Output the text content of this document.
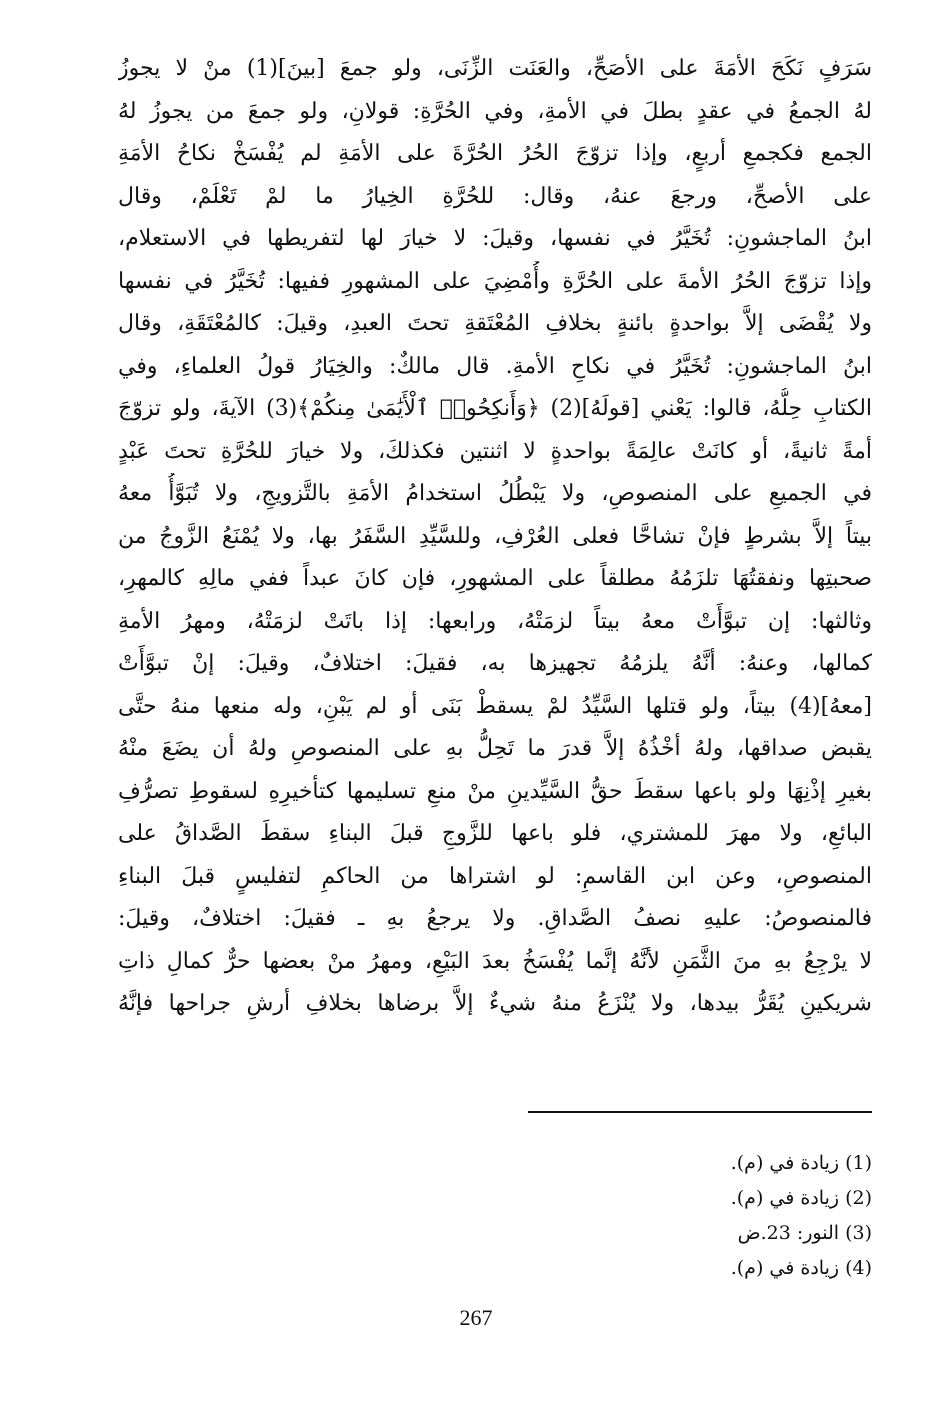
سَرَفٍ نَكَحَ الأمَةَ على الأصَحِّ، والعَنَت الزِّنَى، ولو جمعَ [بينَ](1) منْ لا يجوزُ
لهُ الجمعُ في عقدٍ بطلَ في الأمةِ، وفي الحُرَّةِ: قولانِ، ولو جمعَ من يجوزُ لهُ
الجمع فكجمعِ أربعٍ، وإذا تزوّجَ الحُرُ الحُرَّةَ على الأمَةِ لم يُفْسَخْ نكاحُ الأمَةِ
على الأصحِّ، ورجعَ عنهُ، وقال: للحُرَّةِ الخِيارُ ما لمْ تَعْلَمْ، وقال
ابنُ الماجشونِ: تُخَيَّرُ في نفسها، وقيلَ: لا خيارَ لها لتفريطها في الاستعلام،
وإذا تزوّجَ الحُرُ الأمةَ على الحُرَّةِ وأُمْضِيَ على المشهورِ ففيها: تُخَيَّرُ في نفسها
ولا يُقْضَى إلاَّ بواحدةٍ بائنةٍ بخلافِ المُعْتَقةِ تحتَ العبدِ، وقيلَ: كالمُعْتَقَةِ، وقال
ابنُ الماجشونِ: تُخَيَّرُ في نكاحِ الأمةِ. قال مالكٌ: والخِيَارُ قولُ العلماءِ، وفي
الكتابِ حِلُّهُ، قالوا: يَعْني [قولَهُ](2) ﴿وَأَنكِحُوا۟ ٱلْأَيَٰمَىٰ مِنكُمْ﴾(3) الآيةَ، ولو تزوّجَ
أمةً ثانيةً، أو كانَتْ عالِمَةً بواحدةٍ لا اثنتين فكذلكَ، ولا خيارَ للحُرَّةِ تحتَ عَبْدٍ
في الجميعِ على المنصوصِ، ولا يَبْطُلُ استخدامُ الأمَةِ بالتَّزويجِ، ولا تُبَوَّأُ معهُ
بيتاً إلاَّ بشرطٍ فإنْ تشاحَّا فعلى العُرْفِ، وللسَّيِّدِ السَّفَرُ بها، ولا يُمْنَعُ الزَّوجُ من
صحبتِها ونفقتُهَا تلزَمُهُ مطلقاً على المشهورِ، فإن كانَ عبداً ففي مالِهِ كالمهرِ،
وثالثها: إن تبوَّأَتْ معهُ بيتاً لزمَتْهُ، ورابعها: إذا باتَتْ لزمَتْهُ، ومهرُ الأمةِ
كمالها، وعنهُ: أنَّهُ يلزمُهُ تجهيزها به، فقيلَ: اختلافٌ، وقيلَ: إنْ تبوَّأَتْ
[معهُ](4) بيتاً، ولو قتلها السَّيِّدُ لمْ يسقطْ بَنَى أو لم يَبْنِ، وله منعها منهُ حتَّى
يقبض صداقها، ولهُ أخْذُهُ إلاَّ قدرَ ما تَحِلُّ بهِ على المنصوصِ ولهُ أن يضَعَ منْهُ
بغيرِ إذْنِهَا ولو باعها سقطَ حقُّ السَّيِّدينِ منْ منعِ تسليمها كتأخيرِهِ لسقوطِ تصرُّفِ
البائعِ، ولا مهرَ للمشتري، فلو باعها للزَّوجِ قبلَ البناءِ سقطَ الصَّداقُ على
المنصوصِ، وعن ابن القاسمِ: لو اشتراها من الحاكمِ لتفليسٍ قبلَ البناءِ
فالمنصوصُ: عليهِ نصفُ الصَّداقِ. ولا يرجعُ بهِ ـ فقيلَ: اختلافٌ، وقيلَ:
لا يرْجِعُ بهِ منَ الثَّمَنِ لأنَّهُ إنَّما يُفْسَخُ بعدَ البَيْعِ، ومهرُ منْ بعضها حرٌّ كمالِ ذاتِ
شريكينِ يُقَرُّ بيدها، ولا يُنْزَعُ منهُ شيءٌ إلاَّ برضاها بخلافِ أرشِ جراحها فإنَّهُ
(1) زيادة في (م).
(2) زيادة في (م).
(3) النور: 23.ض
(4) زيادة في (م).
267
